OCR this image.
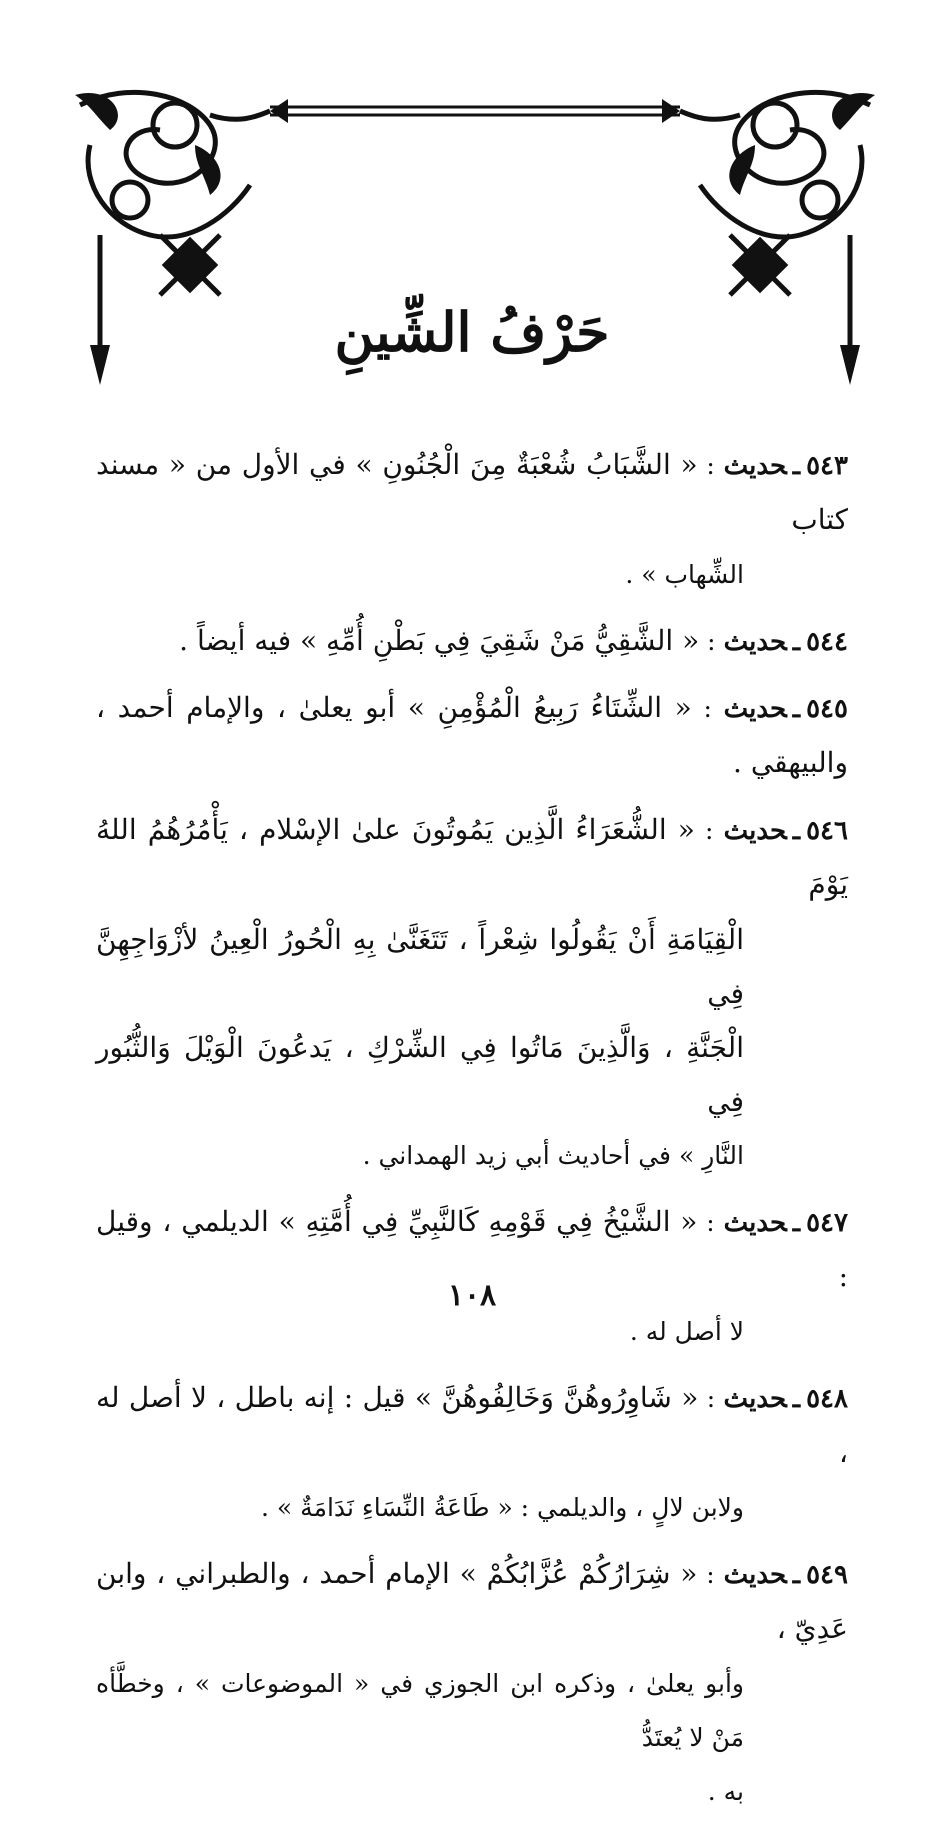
حَرْفُ الشِّينِ
٥٤٣ـحديث : « الشَّبَابُ شُعْبَةٌ مِنَ الْجُنُونِ » في الأول من « مسند كتاب
الشِّهاب » .
٥٤٤ـحديث : « الشَّقِيُّ مَنْ شَقِيَ فِي بَطْنِ أُمِّهِ » فيه أيضاً .
٥٤٥ـحديث : « الشِّتَاءُ رَبِيعُ الْمُؤْمِنِ » أبو يعلىٰ ، والإمام أحمد ، والبيهقي .
٥٤٦ـحديث : « الشُّعَرَاءُ الَّذِين يَمُوتُونَ علىٰ الإسْلام ، يَأْمُرُهُمُ اللهُ يَوْمَ
الْقِيَامَةِ أَنْ يَقُولُوا شِعْراً ، تَتَغَنَّىٰ بِهِ الْحُورُ الْعِينُ لأزْوَاجِهِنَّ فِي
الْجَنَّةِ ، وَالَّذِينَ مَاتُوا فِي الشِّرْكِ ، يَدعُونَ الْوَيْلَ وَالثُّبُور فِي
النَّارِ » في أحاديث أبي زيد الهمداني .
٥٤٧ـحديث : « الشَّيْخُ فِي قَوْمِهِ كَالنَّبِيِّ فِي أُمَّتِهِ » الديلمي ، وقيل :
لا أصل له .
٥٤٨ـحديث : « شَاوِرُوهُنَّ وَخَالِفُوهُنَّ » قيل : إنه باطل ، لا أصل له ،
ولابن لالٍ ، والديلمي : « طَاعَةُ النِّسَاءِ نَدَامَةٌ » .
٥٤٩ـحديث : « شِرَارُكُمْ عُزَّابُكُمْ » الإمام أحمد ، والطبراني ، وابن عَدِيّ ،
وأبو يعلىٰ ، وذكره ابن الجوزي في « الموضوعات » ، وخطَّأه مَنْ لا يُعتَدُّ
به .
١٠٨
